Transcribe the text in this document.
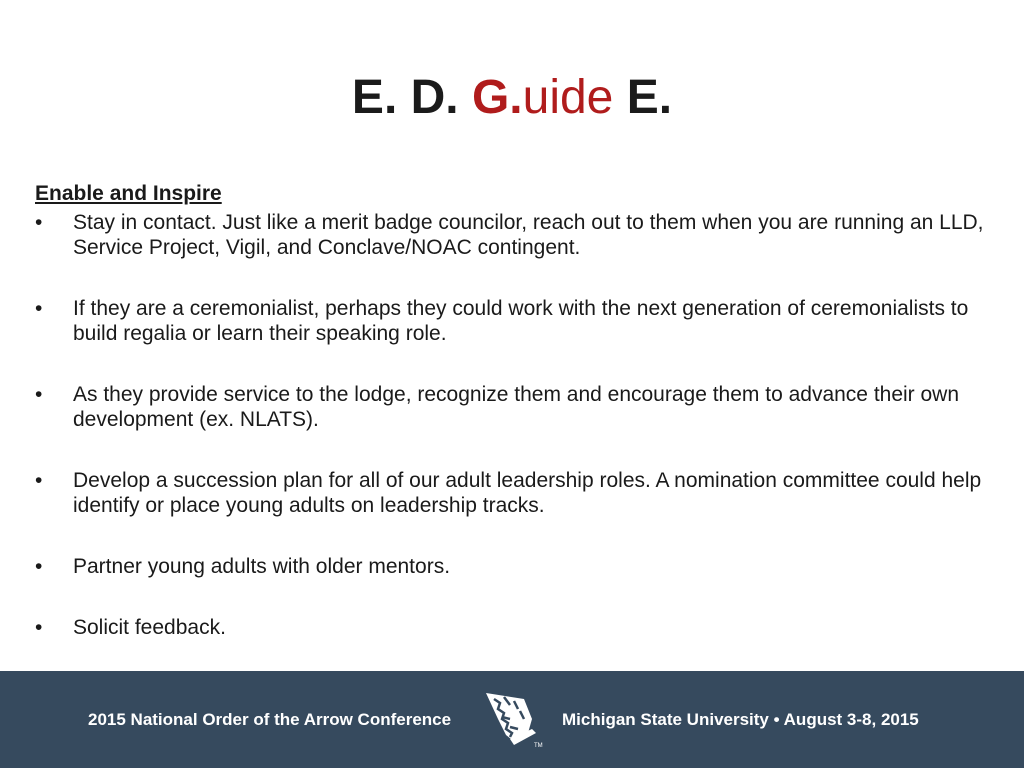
E. D. G.uide E.
Enable and Inspire
•	Stay in contact. Just like a merit badge councilor, reach out to them when you are running an LLD, Service Project, Vigil, and Conclave/NOAC contingent.
•	If they are a ceremonialist, perhaps they could work with the next generation of ceremonialists to build regalia or learn their speaking role.
•	As they provide service to the lodge, recognize them and encourage them to advance their own development (ex. NLATS).
•	Develop a succession plan for all of our adult leadership roles. A nomination committee could help identify or place young adults on leadership tracks.
•	Partner young adults with older mentors.
•	Solicit feedback.
2015 National Order of the Arrow Conference
TM
Michigan State University • August 3-8, 2015
